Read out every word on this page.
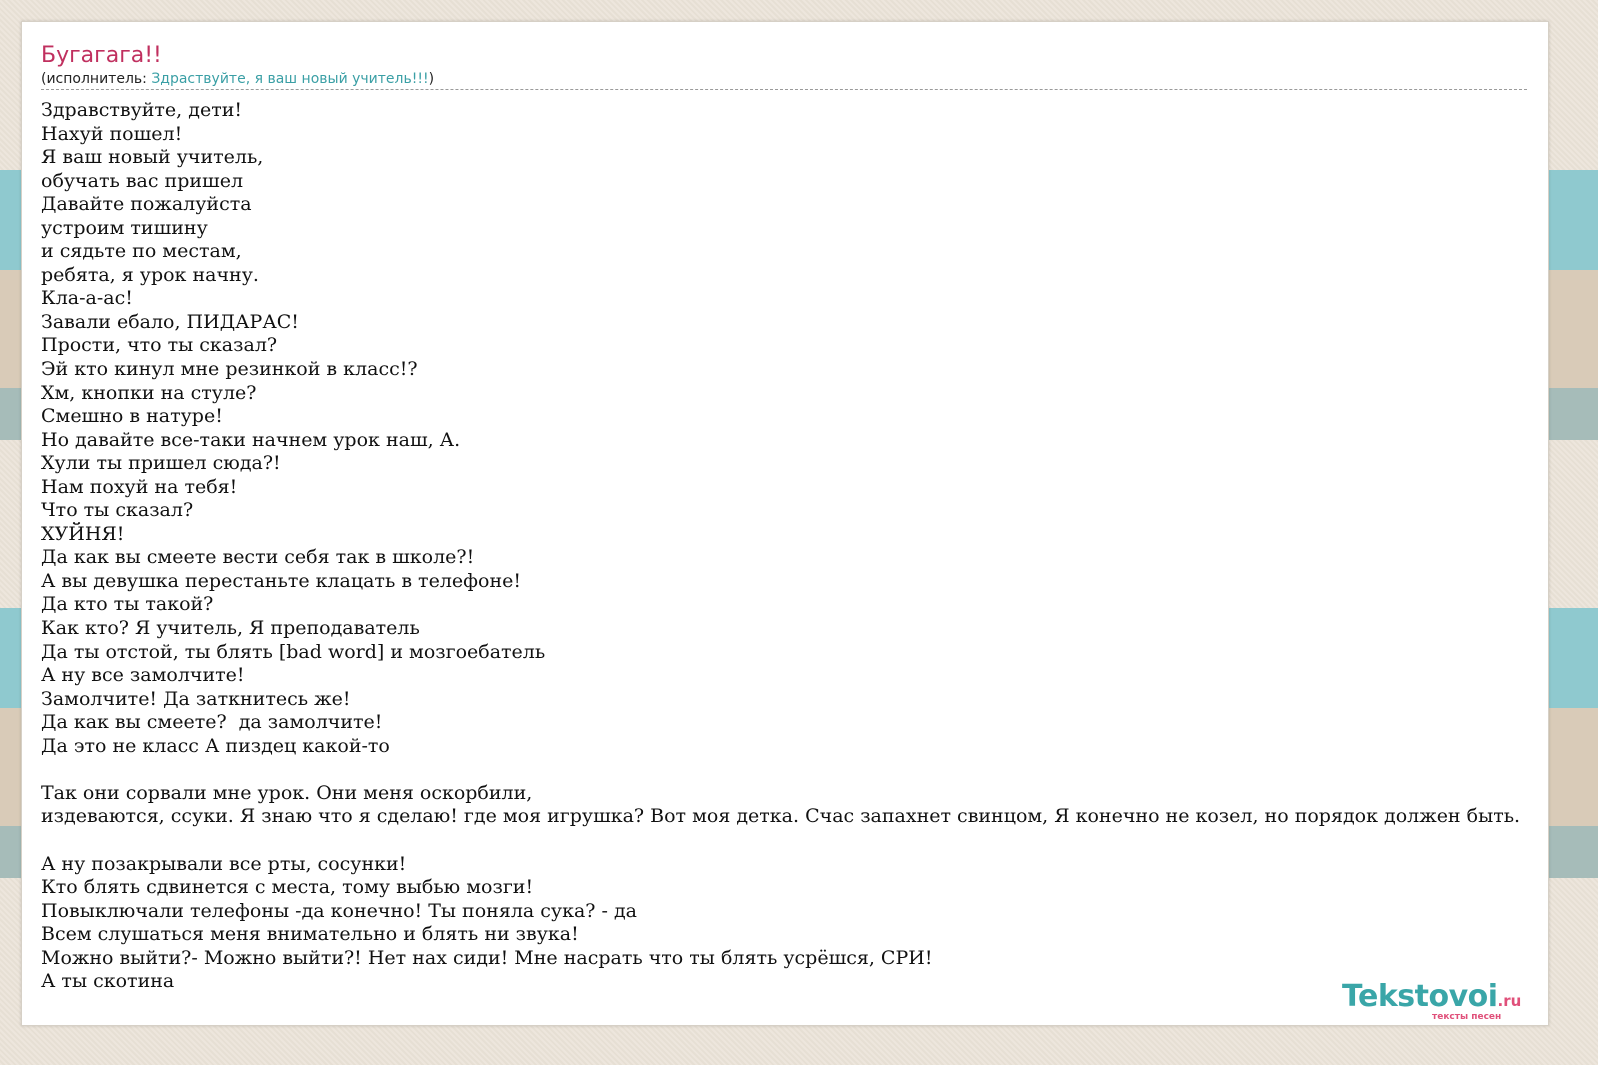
Бугагага!!
(исполнитель: Здраствуйте, я ваш новый учитель!!!)
Здравствуйте, дети!
Нахуй пошел!
Я ваш новый учитель,
обучать вас пришел
Давайте пожалуйста
устроим тишину
и сядьте по местам,
ребята, я урок начну.
Кла-а-ас!
Завали ебало, ПИДАРАС!
Прости, что ты сказал?
Эй кто кинул мне резинкой в класс!?
Хм, кнопки на стуле?
Смешно в натуре!
Но давайте все-таки начнем урок наш, А.
Хули ты пришел сюда?!
Нам похуй на тебя!
Что ты сказал?
ХУЙНЯ!
Да как вы смеете вести себя так в школе?!
А вы девушка перестаньте клацать в телефоне!
Да кто ты такой?
Как кто? Я учитель, Я преподаватель
Да ты отстой, ты блять [bad word] и мозгоебатель
А ну все замолчите!
Замолчите! Да заткнитесь же!
Да как вы смеете?  да замолчите!
Да это не класс А пиздец какой-то

Так они сорвали мне урок. Они меня оскорбили,
издеваются, ссуки. Я знаю что я сделаю! где моя игрушка? Вот моя детка. Счас запахнет свинцом, Я конечно не козел, но порядок должен быть.

А ну позакрывали все рты, сосунки!
Кто блять сдвинется с места, тому выбью мозги!
Повыключали телефоны -да конечно! Ты поняла сука? - да
Всем слушаться меня внимательно и блять ни звука!
Можно выйти?- Можно выйти?! Нет нах сиди! Мне насрать что ты блять усрёшся, СРИ!
А ты скотина	Tekstovoi.ru
тексты песен
